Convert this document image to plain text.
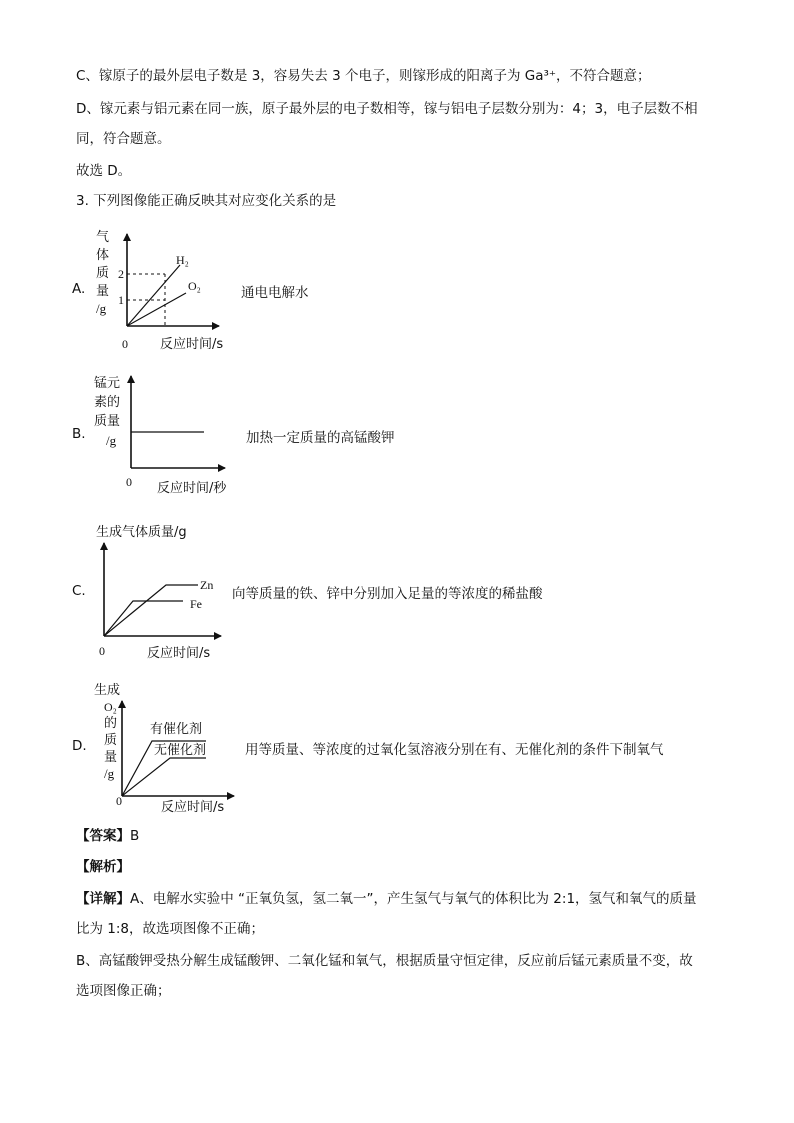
C、镓原子的最外层电子数是 3，容易失去 3 个电子，则镓形成的阳离子为 Ga³⁺，不符合题意；
D、镓元素与铝元素在同一族，原子最外层的电子数相等，镓与铝电子层数分别为：4；3，电子层数不相
同，符合题意。
故选 D。
3. 下列图像能正确反映其对应变化关系的是
A.	通电电解水
B.	加热一定质量的高锰酸钾
C.	向等质量的铁、锌中分别加入足量的等浓度的稀盐酸
D.	用等质量、等浓度的过氧化氢溶液分别在有、无催化剂的条件下制氧气
气
体
质
量
/g
2
1
H₂
O₂
0 反应时间/s
锰元
素的
质量
/g
0 反应时间/秒
生成气体质量/g
Zn
Fe
0	反应时间/s
生成
O₂
的
质
量
/g
有催化剂
无催化剂
0	反应时间/s
【答案】B
【解析】
【详解】A、电解水实验中 “正氧负氢，氢二氧一”，产生氢气与氧气的体积比为 2:1，氢气和氧气的质量
比为 1:8，故选项图像不正确；
B、高锰酸钾受热分解生成锰酸钾、二氧化锰和氧气，根据质量守恒定律，反应前后锰元素质量不变，故
选项图像正确；
